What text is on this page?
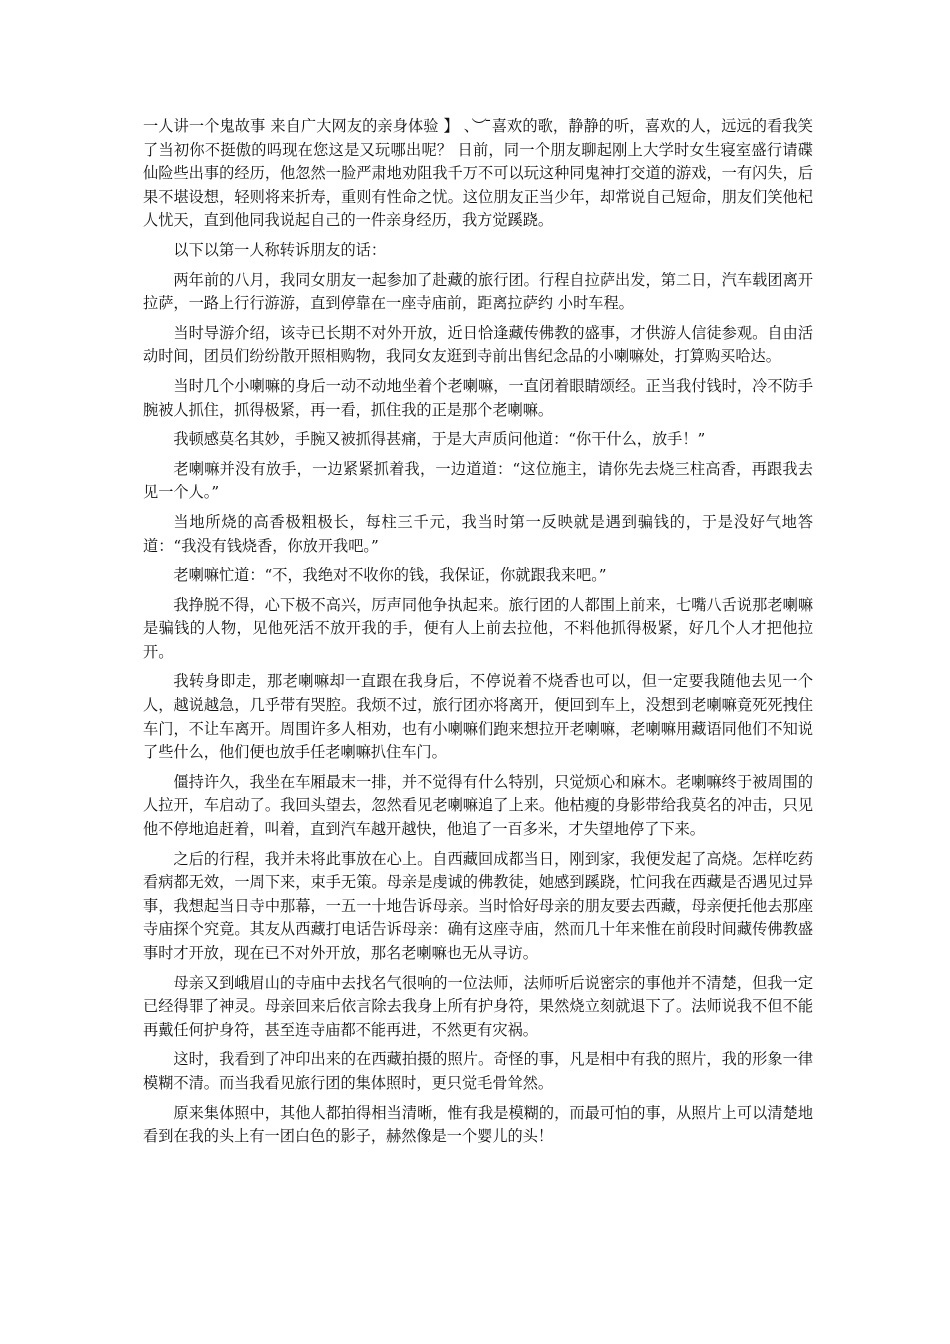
一人讲一个鬼故事 来自广大网友的亲身体验 】 、︶ ̄喜欢的歌，静静的听，喜欢的人，远远的看我笑了当初你不挺傲的吗现在您这是又玩哪出呢？ 日前，同一个朋友聊起刚上大学时女生寝室盛行请碟仙险些出事的经历，他忽然一脸严肃地劝阻我千万不可以玩这种同鬼神打交道的游戏，一有闪失，后果不堪设想，轻则将来折寿，重则有性命之忧。这位朋友正当少年，却常说自己短命，朋友们笑他杞人忧天，直到他同我说起自己的一件亲身经历，我方觉蹊跷。

以下以第一人称转诉朋友的话：

两年前的八月，我同女朋友一起参加了赴藏的旅行团。行程自拉萨出发，第二日，汽车载团离开拉萨，一路上行行游游，直到停靠在一座寺庙前，距离拉萨约 小时车程。

当时导游介绍，该寺已长期不对外开放，近日恰逢藏传佛教的盛事，才供游人信徒参观。自由活动时间，团员们纷纷散开照相购物，我同女友逛到寺前出售纪念品的小喇嘛处，打算购买哈达。

当时几个小喇嘛的身后一动不动地坐着个老喇嘛，一直闭着眼睛颂经。正当我付钱时，冷不防手腕被人抓住，抓得极紧，再一看，抓住我的正是那个老喇嘛。

我顿感莫名其妙，手腕又被抓得甚痛，于是大声质问他道：“你干什么，放手！”

老喇嘛并没有放手，一边紧紧抓着我，一边道道：“这位施主，请你先去烧三柱高香，再跟我去见一个人。”

当地所烧的高香极粗极长，每柱三千元，我当时第一反映就是遇到骗钱的，于是没好气地答道：“我没有钱烧香，你放开我吧。”

老喇嘛忙道：“不，我绝对不收你的钱，我保证，你就跟我来吧。”

我挣脱不得，心下极不高兴，厉声同他争执起来。旅行团的人都围上前来，七嘴八舌说那老喇嘛是骗钱的人物，见他死活不放开我的手，便有人上前去拉他，不料他抓得极紧，好几个人才把他拉开。

我转身即走，那老喇嘛却一直跟在我身后，不停说着不烧香也可以，但一定要我随他去见一个人，越说越急，几乎带有哭腔。我烦不过，旅行团亦将离开，便回到车上，没想到老喇嘛竟死死拽住车门，不让车离开。周围许多人相劝，也有小喇嘛们跑来想拉开老喇嘛，老喇嘛用藏语同他们不知说了些什么，他们便也放手任老喇嘛扒住车门。

僵持许久，我坐在车厢最末一排，并不觉得有什么特别，只觉烦心和麻木。老喇嘛终于被周围的人拉开，车启动了。我回头望去，忽然看见老喇嘛追了上来。他枯瘦的身影带给我莫名的冲击，只见他不停地追赶着，叫着，直到汽车越开越快，他追了一百多米，才失望地停了下来。

之后的行程，我并未将此事放在心上。自西藏回成都当日，刚到家，我便发起了高烧。怎样吃药看病都无效，一周下来，束手无策。母亲是虔诚的佛教徒，她感到蹊跷，忙问我在西藏是否遇见过异事，我想起当日寺中那幕，一五一十地告诉母亲。当时恰好母亲的朋友要去西藏，母亲便托他去那座寺庙探个究竟。其友从西藏打电话告诉母亲：确有这座寺庙，然而几十年来惟在前段时间藏传佛教盛事时才开放，现在已不对外开放，那名老喇嘛也无从寻访。

母亲又到峨眉山的寺庙中去找名气很响的一位法师，法师听后说密宗的事他并不清楚，但我一定已经得罪了神灵。母亲回来后依言除去我身上所有护身符，果然烧立刻就退下了。法师说我不但不能再戴任何护身符，甚至连寺庙都不能再进，不然更有灾祸。

这时，我看到了冲印出来的在西藏拍摄的照片。奇怪的事，凡是相中有我的照片，我的形象一律模糊不清。而当我看见旅行团的集体照时，更只觉毛骨耸然。

原来集体照中，其他人都拍得相当清晰，惟有我是模糊的，而最可怕的事，从照片上可以清楚地看到在我的头上有一团白色的影子，赫然像是一个婴儿的头！
